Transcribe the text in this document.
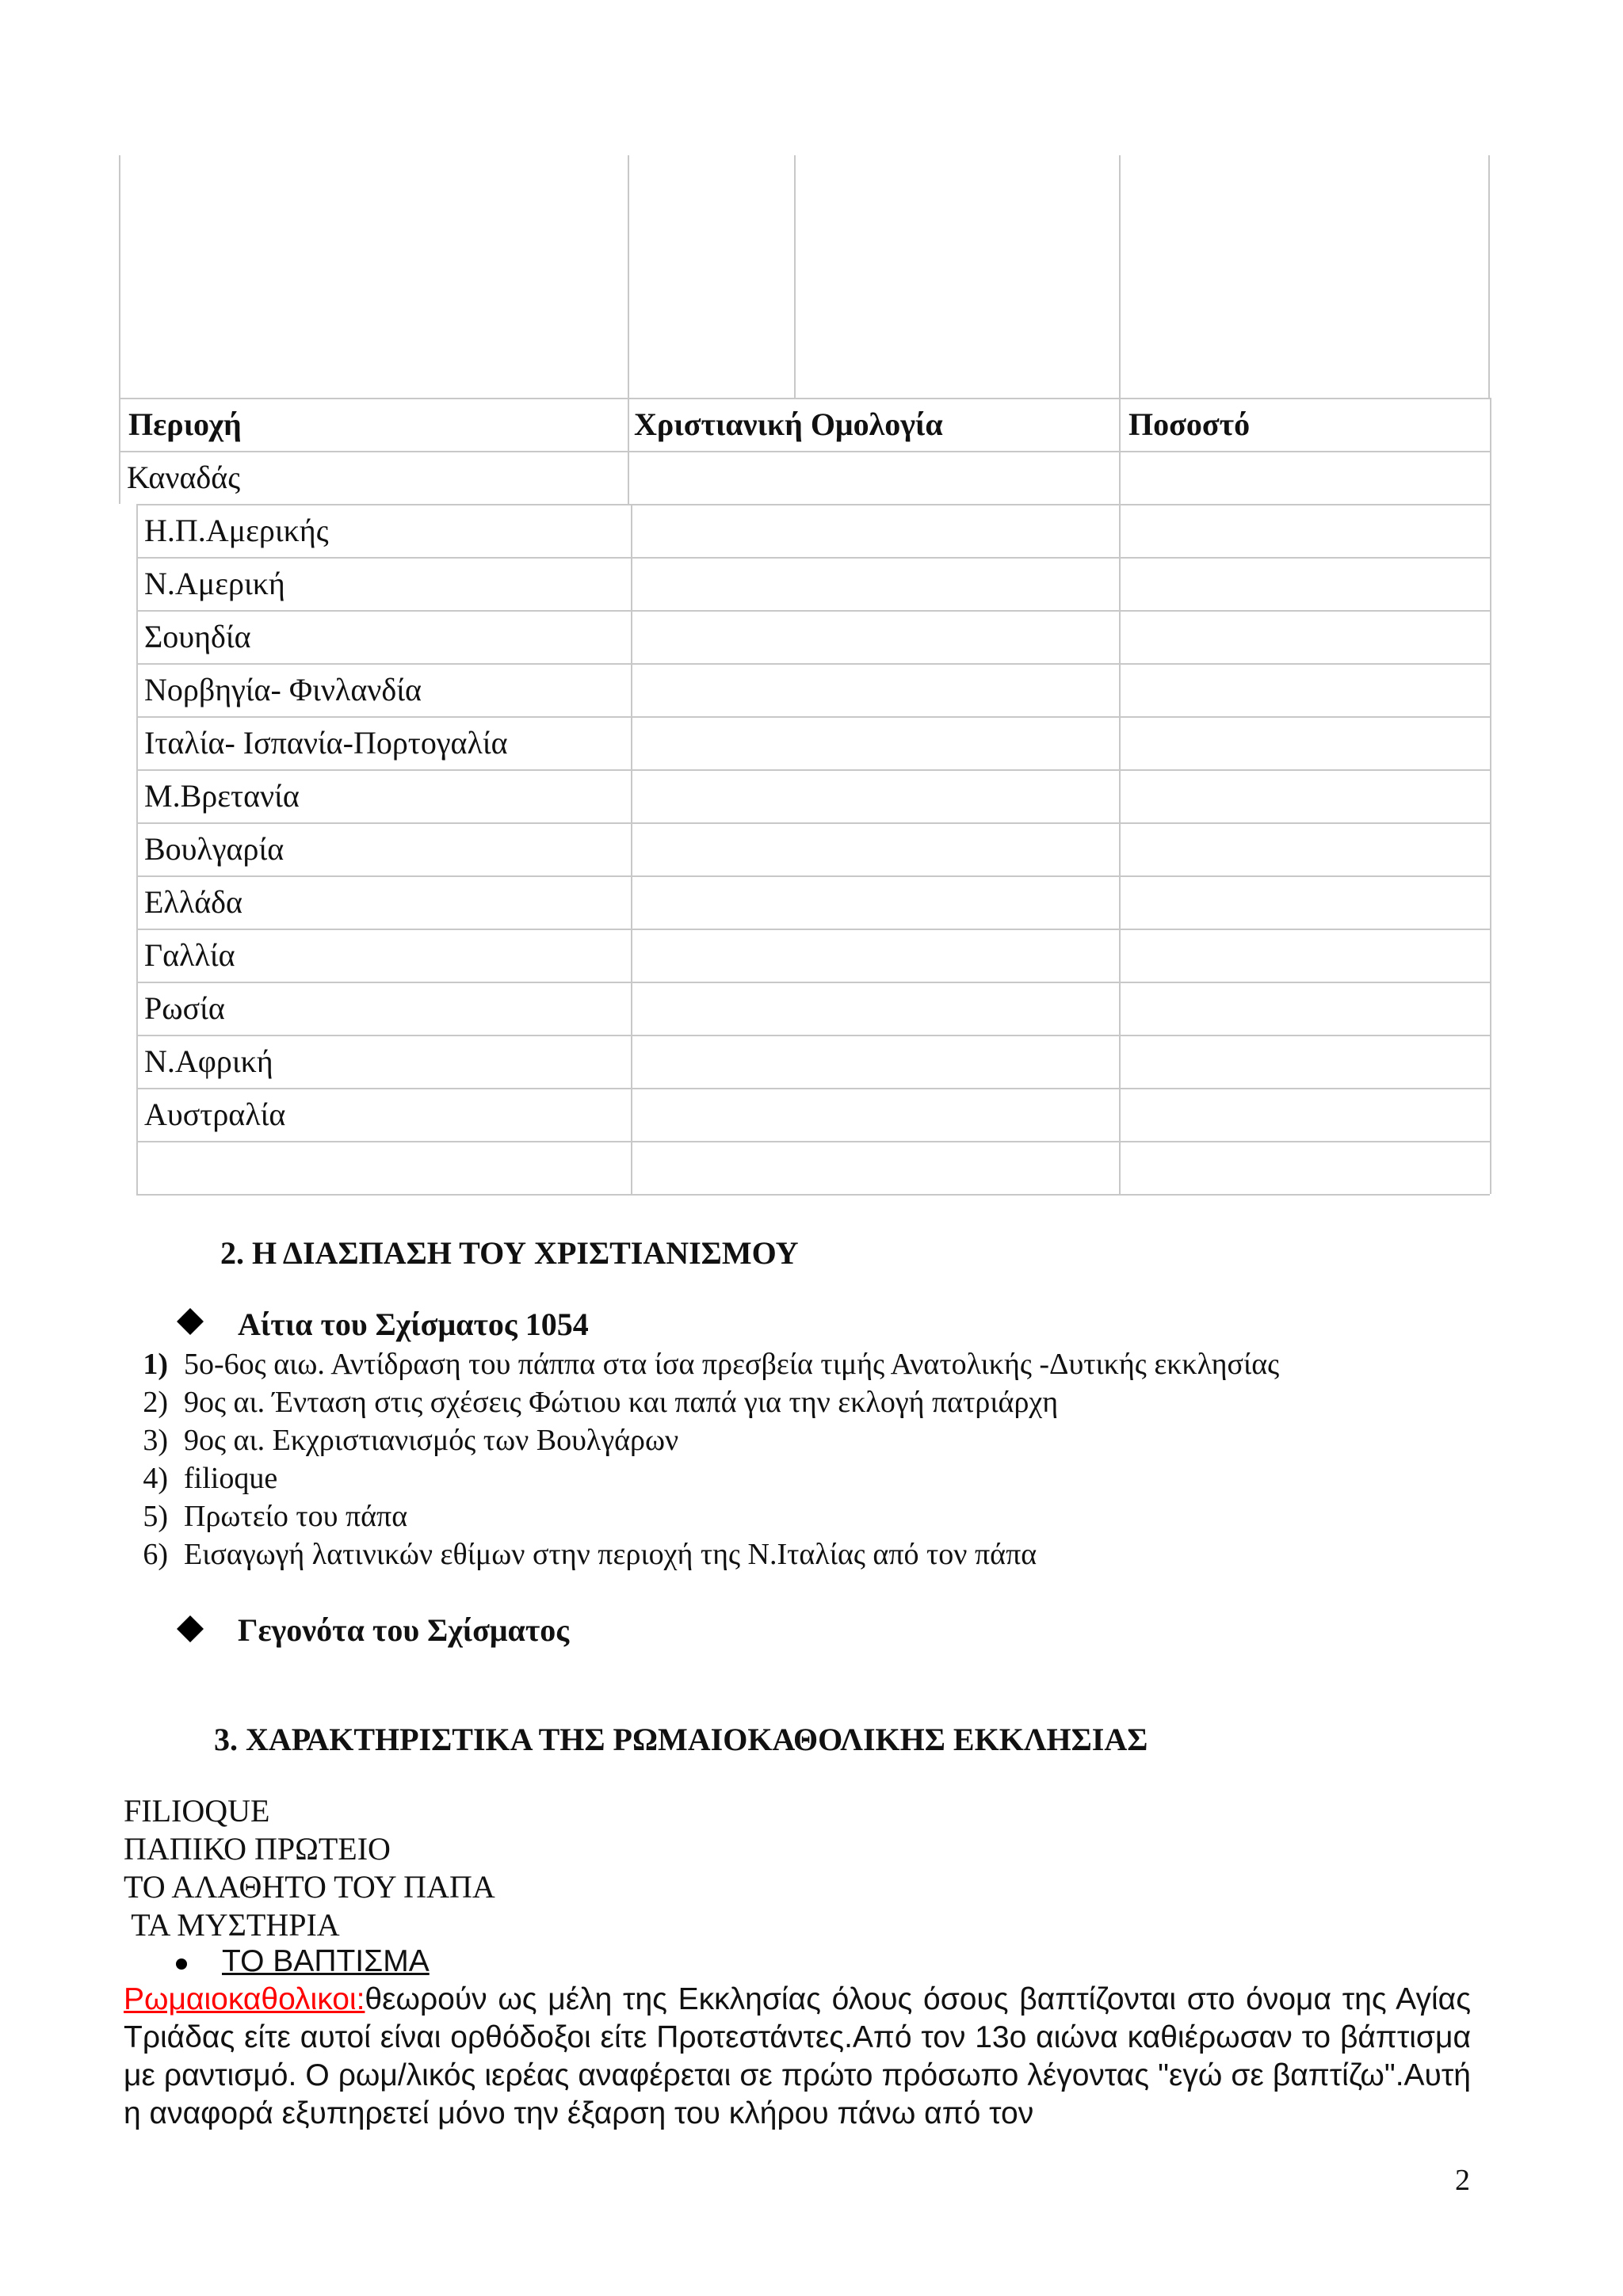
Περιοχή	Χριστιανική Ομολογία	Ποσοστό
Καναδάς
Η.Π.Αμερικής
Ν.Αμερική
Σουηδία
Νορβηγία- Φινλανδία
Ιταλία- Ισπανία-Πορτογαλία
Μ.Βρετανία
Βουλγαρία
Ελλάδα
Γαλλία
Ρωσία
Ν.Αφρική
Αυστραλία
2. Η ΔΙΑΣΠΑΣΗ ΤΟΥ ΧΡΙΣΤΙΑΝΙΣΜΟΥ
Αίτια του Σχίσματος 1054
1) 5ο-6ος αιω. Αντίδραση του πάππα στα ίσα πρεσβεία τιμής Ανατολικής -Δυτικής εκκλησίας
2) 9ος αι. Ένταση στις σχέσεις Φώτιου και παπά για την εκλογή πατριάρχη
3) 9ος αι. Εκχριστιανισμός των Βουλγάρων
4) filioque
5) Πρωτείο του πάπα
6) Εισαγωγή λατινικών εθίμων στην περιοχή της Ν.Ιταλίας από τον πάπα
Γεγονότα του Σχίσματος
3. ΧΑΡΑΚΤΗΡΙΣΤΙΚΑ ΤΗΣ ΡΩΜΑΙΟΚΑΘΟΛΙΚΗΣ ΕΚΚΛΗΣΙΑΣ
FILIOQUE
ΠΑΠΙΚΟ ΠΡΩΤΕΙΟ
ΤΟ ΑΛΑΘΗΤΟ ΤΟΥ ΠΑΠΑ
ΤΑ ΜΥΣΤΗΡΙΑ
ΤΟ ΒΑΠΤΙΣΜΑ
Ρωμαιοκαθολικοι:θεωρούν ως μέλη της Εκκλησίας όλους όσους βαπτίζονται στο όνομα της Αγίας Τριάδας είτε αυτοί είναι ορθόδοξοι είτε Προτεστάντες.Από τον 13ο αιώνα καθιέρωσαν το βάπτισμα με ραντισμό. Ο ρωμ/λικός ιερέας αναφέρεται σε πρώτο πρόσωπο λέγοντας "εγώ σε βαπτίζω".Αυτή η αναφορά εξυπηρετεί μόνο την έξαρση του κλήρου πάνω από τον
2
